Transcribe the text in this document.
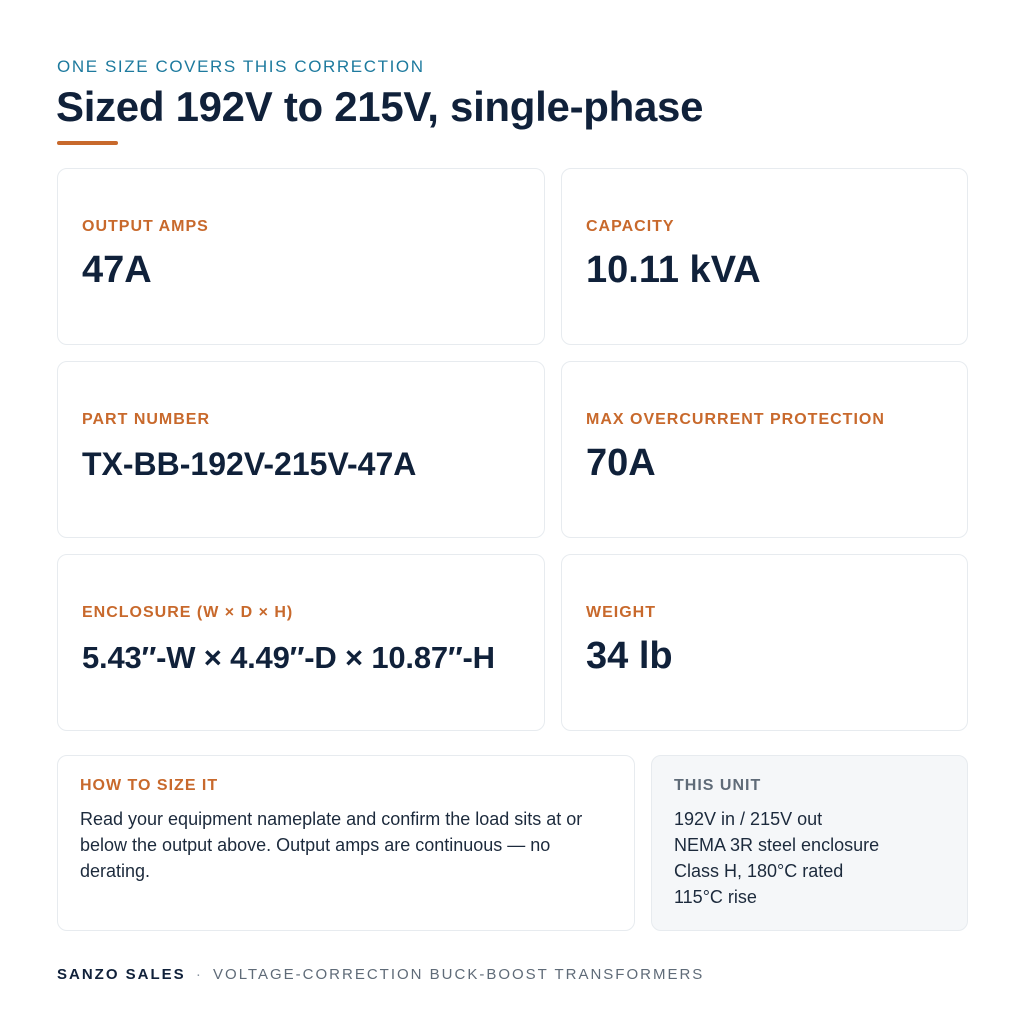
ONE SIZE COVERS THIS CORRECTION
Sized 192V to 215V, single-phase
OUTPUT AMPS
47A
CAPACITY
10.11 kVA
PART NUMBER
TX-BB-192V-215V-47A
MAX OVERCURRENT PROTECTION
70A
ENCLOSURE (W × D × H)
5.43″-W × 4.49″-D × 10.87″-H
WEIGHT
34 lb
HOW TO SIZE IT
Read your equipment nameplate and confirm the load sits at or below the output above. Output amps are continuous — no derating.
THIS UNIT
192V in / 215V out
NEMA 3R steel enclosure
Class H, 180°C rated
115°C rise
SANZO SALES · VOLTAGE-CORRECTION BUCK-BOOST TRANSFORMERS
